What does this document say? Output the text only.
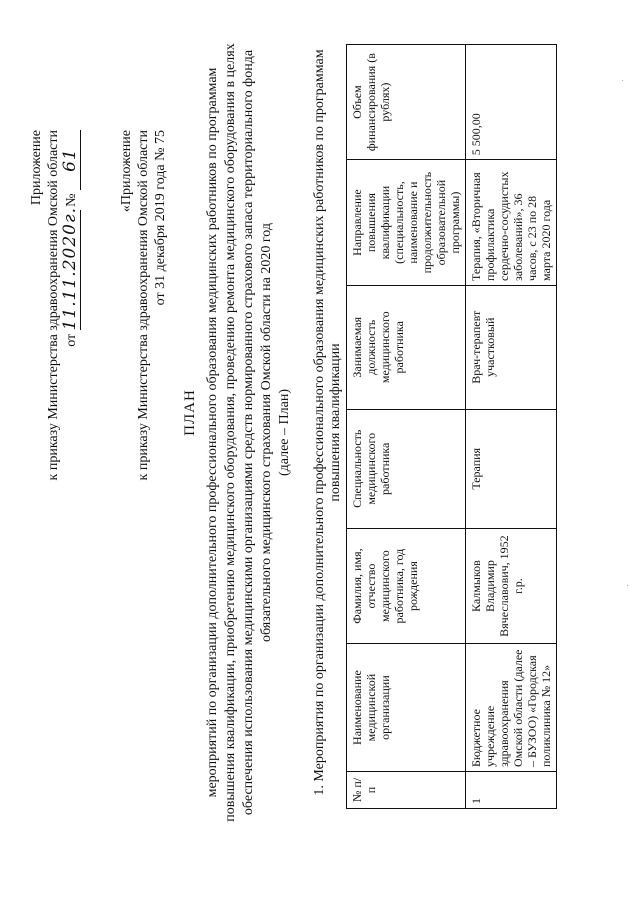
Приложение к приказу Министерства здравоохранения Омской области от 11.11.2020г. № 61	«Приложение к приказу Министерства здравоохранения Омской области от 31 декабря 2019 года № 75
ПЛАН мероприятий по организации дополнительного профессионального образования медицинских работников по программам повышения квалификации, приобретению медицинского оборудования, проведению ремонта медицинского оборудования в целях обеспечения использования медицинскими организациями средств нормированного страхового запаса территориального фонда обязательного медицинского страхования Омской области на 2020 год (далее – План) 1. Мероприятия по организации дополнительного профессионального образования медицинских работников по программам повышения квалификации
№ п/п	Наименование медицинской организации	Фамилия, имя, отчество медицинского работника, год рождения	Специальность медицинского работника	Занимаемая должность медицинского работника	Направление повышения квалификации (специальность, наименование и продолжительность образовательной программы)	Объем финансирования (в рублях)
1	Бюджетное учреждение здравоохранения Омской области (далее – БУЗОО) «Городская поликлиника № 12»	Калмыков Владимир Вячеславович, 1952 г.р.	Терапия	Врач-терапевт участковый	Терапия, «Вторичная профилактика сердечно-сосудистых заболеваний», 36 часов, с 23 по 28 марта 2020 года	5 500,00
